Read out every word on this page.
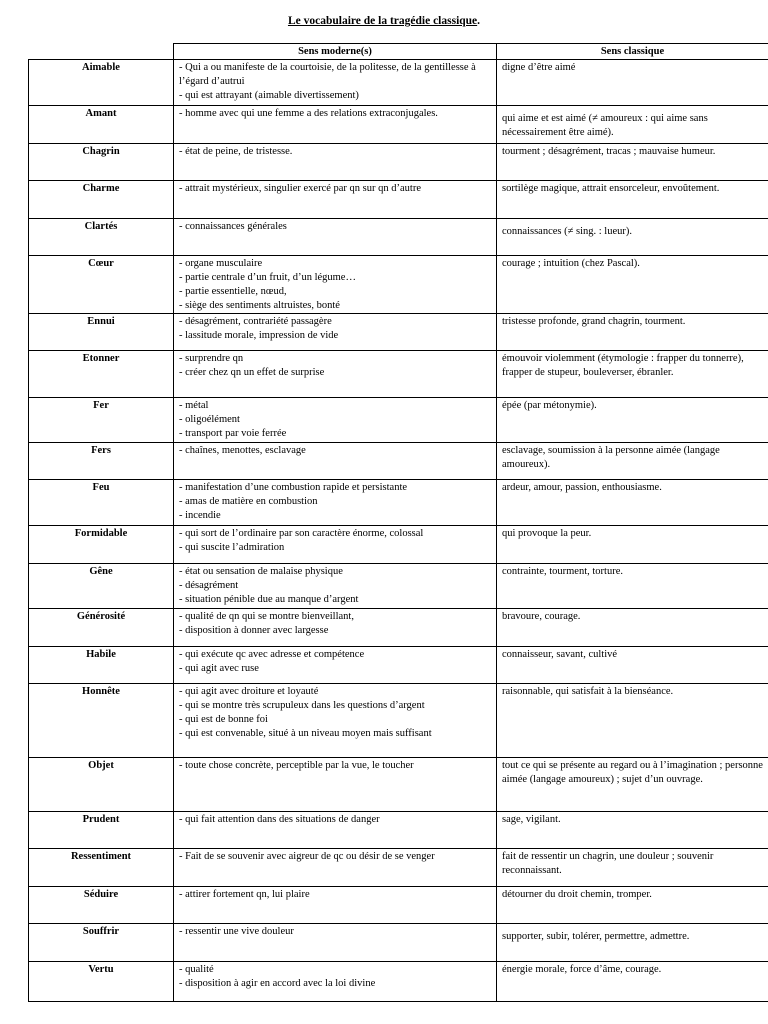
Le vocabulaire de la tragédie classique.
	Sens moderne(s)	Sens classique
Aimable	- Qui a ou manifeste de la courtoisie, de la politesse, de la gentillesse à l’égard d’autrui
- qui est attrayant (aimable divertissement)	digne d’être aimé

Amant	- homme avec qui une femme a des relations extraconjugales.	qui aime et est aimé (≠ amoureux : qui aime sans nécessairement être aimé).

Chagrin	- état de peine, de tristesse.	tourment ; désagrément, tracas ; mauvaise humeur.

Charme	- attrait mystérieux, singulier exercé par qn sur qn d’autre	sortilège magique, attrait ensorceleur, envoûtement.

Clartés	- connaissances générales	connaissances (≠ sing. : lueur).

Cœur	- organe musculaire
- partie centrale d’un fruit, d’un légume…
- partie essentielle, nœud,
- siège des sentiments altruistes, bonté	courage ; intuition (chez Pascal).

Ennui	- désagrément, contrariété passagère
- lassitude morale, impression de vide	tristesse profonde, grand chagrin, tourment.

Etonner	- surprendre qn
- créer chez qn un effet de surprise	émouvoir violemment (étymologie : frapper du tonnerre), frapper de stupeur, bouleverser, ébranler.

Fer	- métal
- oligoélément
- transport par voie ferrée	épée (par métonymie).

Fers	- chaînes, menottes, esclavage	esclavage, soumission à la personne aimée (langage amoureux).

Feu	- manifestation d’une combustion rapide et persistante
- amas de matière en combustion
- incendie	ardeur, amour, passion, enthousiasme.

Formidable	- qui sort de l’ordinaire par son caractère énorme, colossal
- qui suscite l’admiration	qui provoque la peur.

Gêne	- état ou sensation de malaise physique
- désagrément
- situation pénible due au manque d’argent	contrainte, tourment, torture.

Générosité	- qualité de qn qui se montre bienveillant,
- disposition à donner avec largesse	bravoure, courage.

Habile	- qui exécute qc avec adresse et compétence
- qui agit avec ruse	connaisseur, savant, cultivé

Honnête	- qui agit avec droiture et loyauté
- qui se montre très scrupuleux dans les questions d’argent
- qui est de bonne foi
- qui est convenable, situé à un niveau moyen mais suffisant	raisonnable, qui satisfait à la bienséance.

Objet	- toute chose concrète, perceptible par la vue, le toucher	tout ce qui se présente au regard ou à l’imagination ; personne aimée (langage amoureux) ; sujet d’un ouvrage.

Prudent	- qui fait attention dans des situations de danger	sage, vigilant.

Ressentiment	- Fait de se souvenir avec aigreur de qc ou désir de se venger	fait de ressentir un chagrin, une douleur ; souvenir reconnaissant.

Séduire	- attirer fortement qn, lui plaire	détourner du droit chemin, tromper.

Souffrir	- ressentir une vive douleur	supporter, subir, tolérer, permettre, admettre.

Vertu	- qualité
- disposition à agir en accord avec la loi divine	énergie morale, force d’âme, courage.
